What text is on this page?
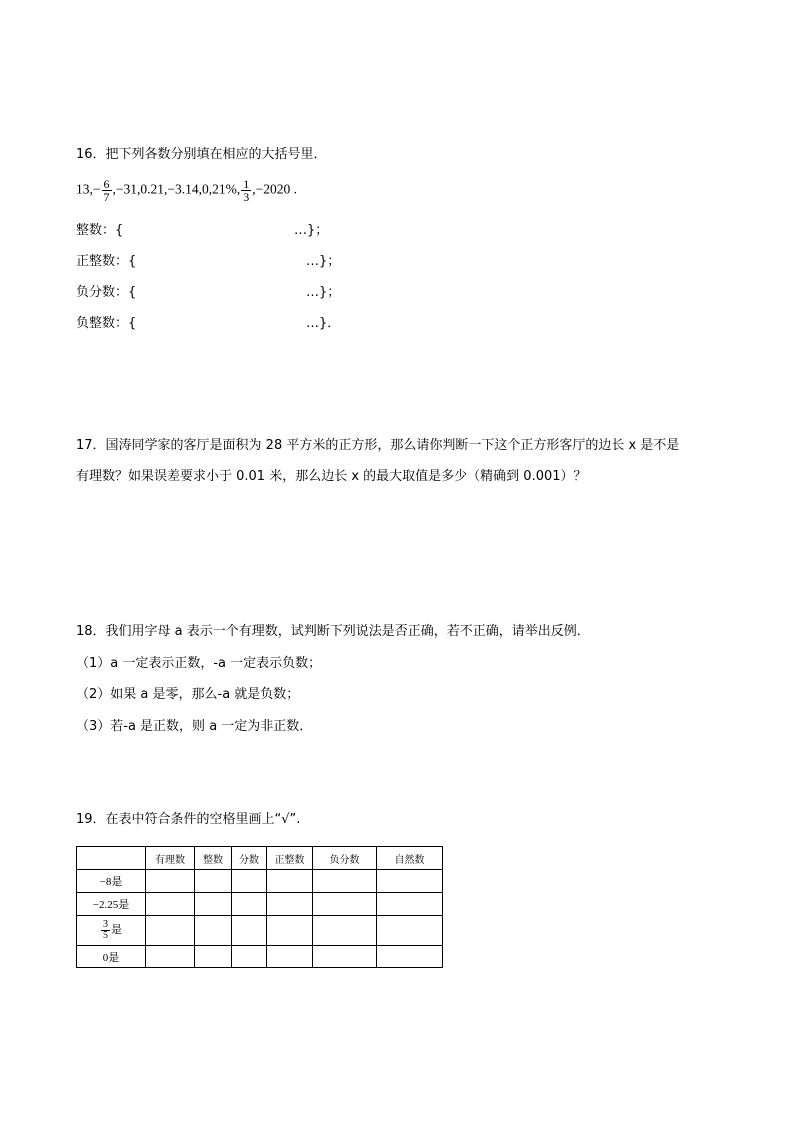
16．把下列各数分别填在相应的大括号里．
$13,- \frac{6}{7} ,-31,0.21,-3.14,0,21\%$, $\frac{1}{3} ,-2020$ .
整数：{	…}；
正整数：{	…}；
负分数：{	…}；
负整数：{	…}．
17．国涛同学家的客厅是面积为 28 平方米的正方形，那么请你判断一下这个正方形客厅的边长 x 是不是
有理数？如果误差要求小于 0.01 米，那么边长 x 的最大取值是多少（精确到 0.001）？
18．我们用字母 a 表示一个有理数，试判断下列说法是否正确，若不正确，请举出反例．
（1）a 一定表示正数，-a 一定表示负数；
（2）如果 a 是零，那么-a 就是负数；
（3）若-a 是正数，则 a 一定为非正数．
19．在表中符合条件的空格里画上“√”.
	有理数	整数	分数	正整数	负分数	自然数
−8是						
−2.25是						

$\frac{3}{5}$ 是						
0是						
